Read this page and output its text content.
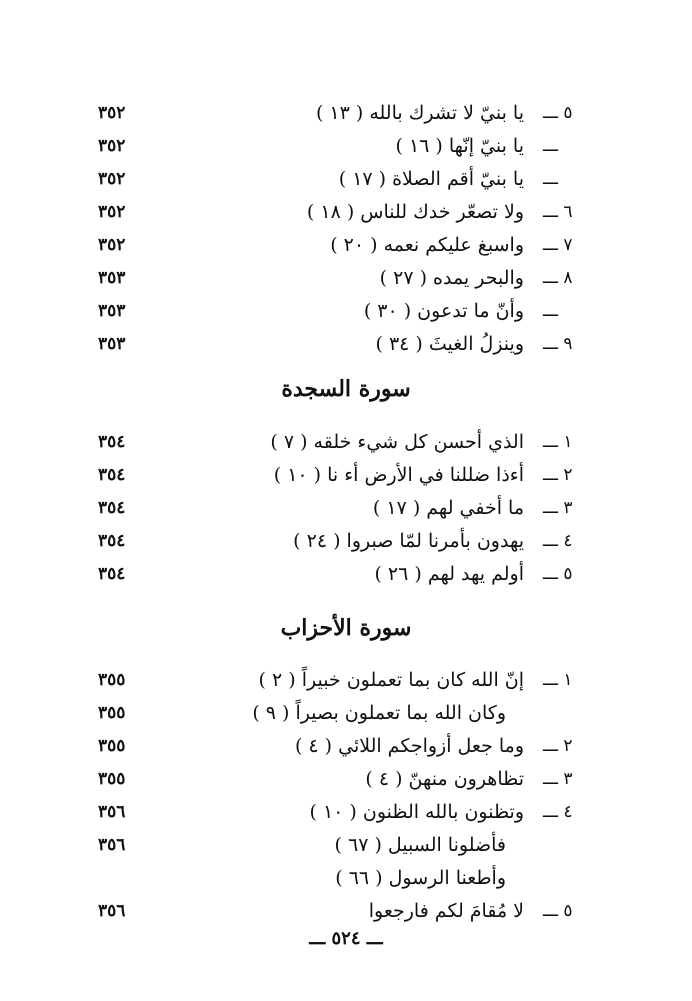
٥
ـــ
يا بنيّ لا تشرك بالله ( ١٣ )
٣٥٢
ـــ
يا بنيّ إنّها ( ١٦ )
٣٥٢
ـــ
يا بنيّ أقم الصلاة ( ١٧ )
٣٥٢
٦
ـــ
ولا تصعّر خدك للناس ( ١٨ )
٣٥٢
٧
ـــ
واسبغ عليكم نعمه ( ٢٠ )
٣٥٢
٨
ـــ
والبحر يمده ( ٢٧ )
٣٥٣
ـــ
وأنّ ما تدعون ( ٣٠ )
٣٥٣
٩
ـــ
وينزلُ الغيثَ ( ٣٤ )
٣٥٣
سورة السجدة
١
ـــ
الذي أحسن كل شيء خلقه ( ٧ )
٣٥٤
٢
ـــ
أءذا ضللنا في الأرض أء نا ( ١٠ )
٣٥٤
٣
ـــ
ما أخفي لهم ( ١٧ )
٣٥٤
٤
ـــ
يهدون بأمرنا لمّا صبروا ( ٢٤ )
٣٥٤
٥
ـــ
أولم يهد لهم ( ٢٦ )
٣٥٤
سورة الأحزاب
١
ـــ
إنّ الله كان بما تعملون خبيراً ( ٢ )
٣٥٥
وكان الله بما تعملون بصيراً ( ٩ )
٣٥٥
٢
ـــ
وما جعل أزواجكم اللائي ( ٤ )
٣٥٥
٣
ـــ
تظاهرون منهنّ ( ٤ )
٣٥٥
٤
ـــ
وتظنون بالله الظنون ( ١٠ )
٣٥٦
فأضلونا السبيل ( ٦٧ )
٣٥٦
وأطعنا الرسول ( ٦٦ )
٥
ـــ
لا مُقامَ لكم فارجعوا
٣٥٦
ـــ ٥٢٤ ـــ
